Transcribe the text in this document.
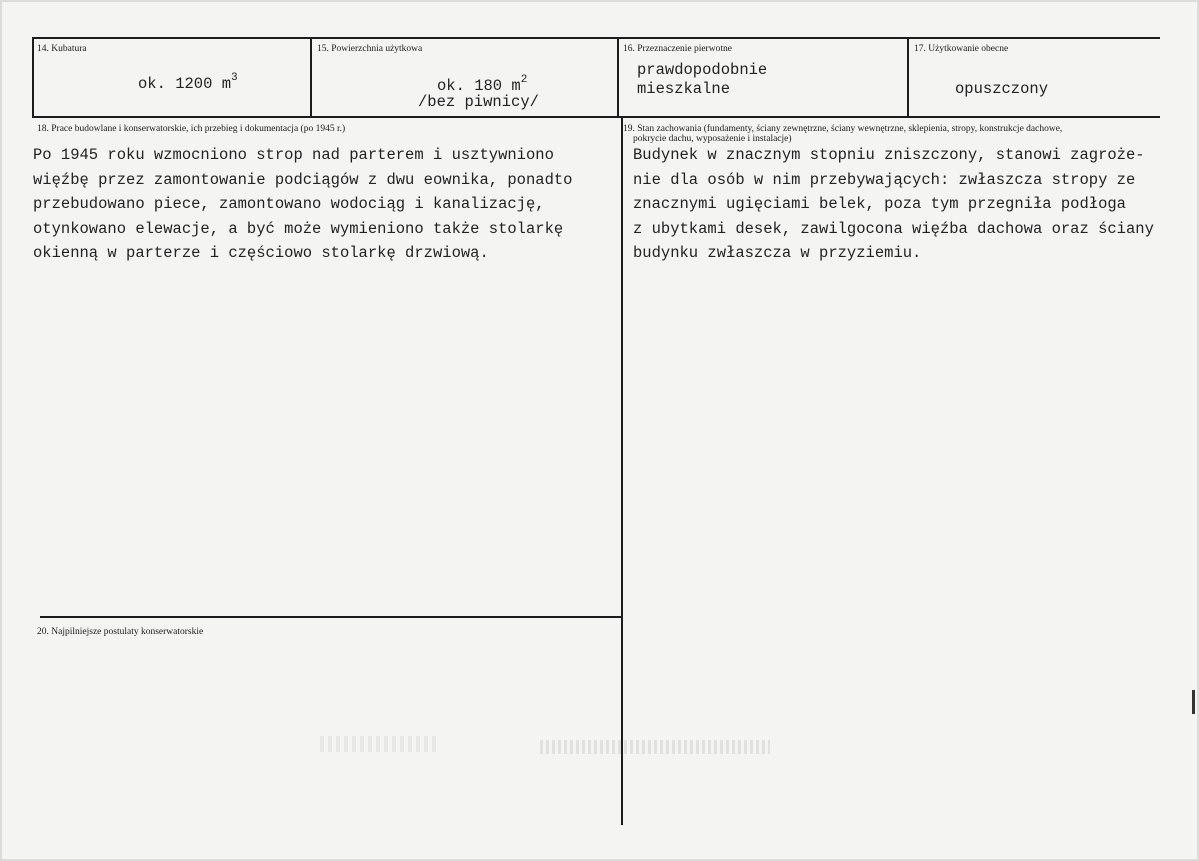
14. Kubatura
ok. 1200 $m^3$
15. Powierzchnia użytkowa
ok. 180 $m^2$
/bez piwnicy/
16. Przeznaczenie pierwotne
prawdopodobnie
mieszkalne
17. Użytkowanie obecne
opuszczony
18. Prace budowlane i konserwatorskie, ich przebieg i dokumentacja (po 1945 r.)
Po 1945 roku wzmocniono strop nad parterem i usztywniono
więźbę przez zamontowanie podciągów z dwu eownika, ponadto
przebudowano piece, zamontowano wodociąg i kanalizację,
otynkowano elewacje, a być może wymieniono także stolarkę
okienną w parterze i częściowo stolarkę drzwiową.
19. Stan zachowania (fundamenty, ściany zewnętrzne, ściany wewnętrzne, sklepienia, stropy, konstrukcje dachowe,
pokrycie dachu, wyposażenie i instalacje)
Budynek w znacznym stopniu zniszczony, stanowi zagroże-
nie dla osób w nim przebywających: zwłaszcza stropy ze
znacznymi ugięciami belek, poza tym przegniła podłoga
z ubytkami desek, zawilgocona więźba dachowa oraz ściany
budynku zwłaszcza w przyziemiu.
20. Najpilniejsze postulaty konserwatorskie
